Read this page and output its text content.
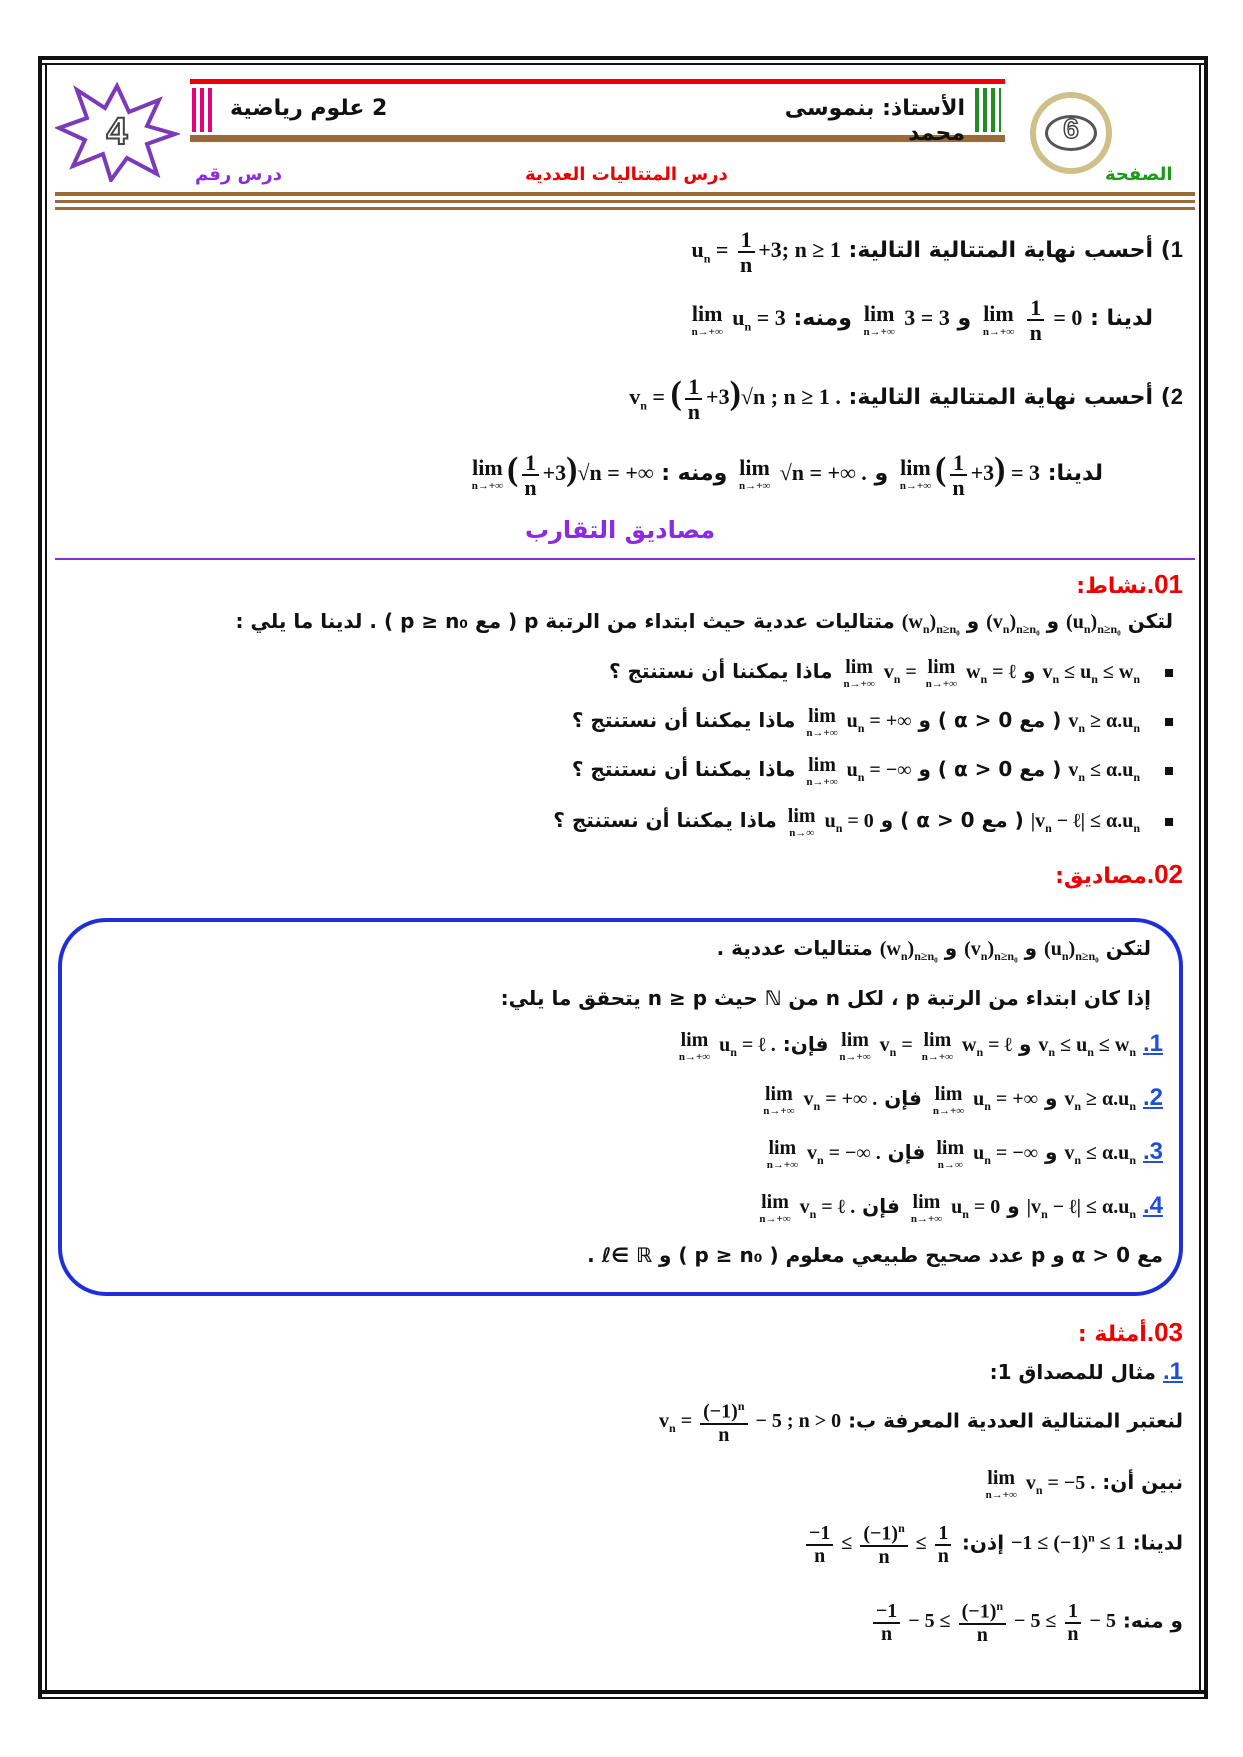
4
2 علوم رياضية	الأستاذ: بنموسى محمد	6
الصفحة
درس المتتاليات العددية
درس رقم
1) أحسب نهاية المتتالية التالية: $u_n = \frac{1}{n} +3$; n ≥ 1
لدينا : lim
n→+∞
$\frac{1}{n} = 0$ و lim
n→+∞
3 = 3 ومنه: lim
n→+∞
$u_n = 3$
2) أحسب نهاية المتتالية التالية: $v_n$ = ( $\frac{1}{n} +3)√n$ ; n ≥ 1 .
لدينا: lim
n→+∞ ( $\frac{1}{n} +3) = 3$ و lim
n→+∞
√n = +∞ . ومنه : lim
n→+∞ ( $\frac{1}{n} +3)√n$ = +∞
مصاديق التقارب
01.نشاط:
لتكن $(u_n)_{n\ge n_0}$ و $(v_n)_{n\ge n_0}$ و $(w_n)_{n\ge n_0}$ متتاليات عددية حيث ابتداء من الرتبة p ( مع p ≥ n₀ ) . لدينا ما يلي :
$v_n \le u_n \le w_n$ و lim
n→+∞
$v_n = \lim$
n→+∞
$w_n$ = ℓ ماذا يمكننا أن نستنتج ؟
$v_n \ge \alpha.u_n$ ( مع α > 0 ) و lim
n→+∞
$u_n$ = +∞ ماذا يمكننا أن نستنتج ؟
$v_n \le \alpha.u_n$ ( مع α > 0 ) و lim
n→+∞
$u_n$ = −∞ ماذا يمكننا أن نستنتج ؟
$|v_n$ − ℓ| ≤ $\alpha.u_n$ ( مع α > 0 ) و lim
n→∞
$u_n = 0$ ماذا يمكننا أن نستنتج ؟
02.مصاديق:
لتكن $(u_n)_{n\ge n_0}$ و $(v_n)_{n\ge n_0}$ و $(w_n)_{n\ge n_0}$ متتاليات عددية .
إذا كان ابتداء من الرتبة p ، لكل n من ℕ حيث n ≥ p يتحقق ما يلي:
1. $v_n \le u_n \le w_n$ و lim
n→+∞
$v_n = \lim$
n→+∞
$w_n$ = ℓ فإن: lim
n→+∞
$u_n$ = ℓ .
2. $v_n \ge \alpha.u_n$ و lim
n→+∞
$u_n$ = +∞ فإن lim
n→+∞
$v_n$ = +∞ .
3. $v_n \le \alpha.u_n$ و lim
n→∞
$u_n$ = −∞ فإن lim
n→+∞
$v_n$ = −∞ .
4. $|v_n$ − ℓ| ≤ $\alpha.u_n$ و lim
n→+∞
$u_n = 0$ فإن lim
n→+∞
$v_n$ = ℓ .
مع α > 0 و p عدد صحيح طبيعي معلوم ( p ≥ n₀ ) و ℓ∈ ℝ .
03.أمثلة :
1. مثال للمصداق 1:
لنعتبر المتتالية العددية المعرفة ب: $v_n = \frac{(-1)^n}{n} - 5$ ; n > 0
نبين أن: lim
n→+∞
$v_n = -5$ .
لدينا: $-1 \le (-1)^n \le 1$ إذن:
$\frac{-1}{n} \le \frac{(-1)^n}{n} \le \frac{1}{n}$
و منه:
$\frac{-1}{n} - 5 \le \frac{(-1)^n}{n} - 5 \le \frac{1}{n} - 5$
